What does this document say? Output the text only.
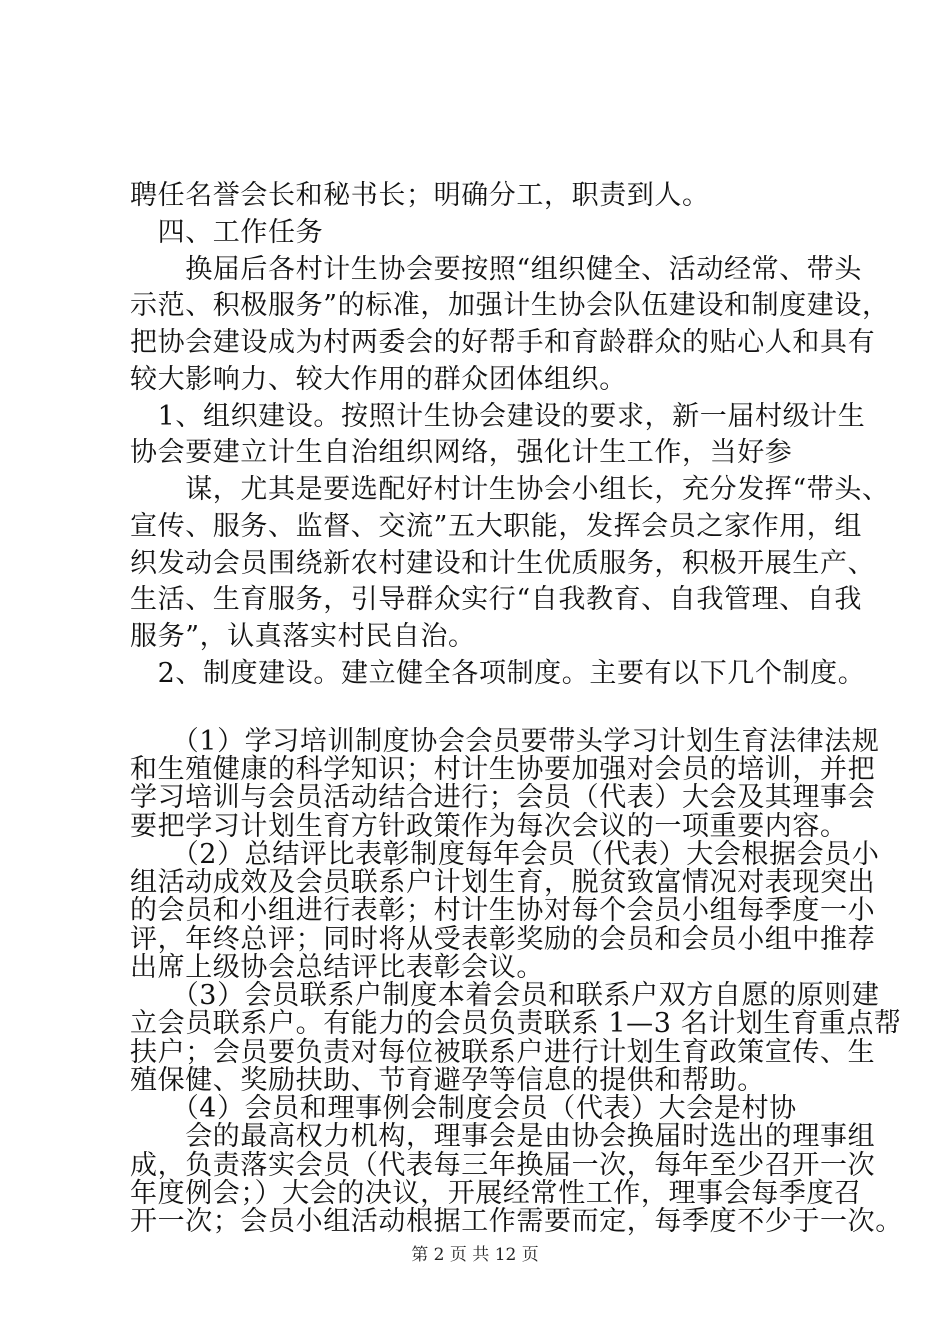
聘任名誉会长和秘书长；明确分工，职责到人。
　四、工作任务
　　换届后各村计生协会要按照“组织健全、活动经常、带头
示范、积极服务”的标准，加强计生协会队伍建设和制度建设，
把协会建设成为村两委会的好帮手和育龄群众的贴心人和具有
较大影响力、较大作用的群众团体组织。
　1、组织建设。按照计生协会建设的要求，新一届村级计生
协会要建立计生自治组织网络，强化计生工作，当好参
　　谋，尤其是要选配好村计生协会小组长，充分发挥“带头、
宣传、服务、监督、交流”五大职能，发挥会员之家作用，组
织发动会员围绕新农村建设和计生优质服务，积极开展生产、
生活、生育服务，引导群众实行“自我教育、自我管理、自我
服务”，认真落实村民自治。
　2、制度建设。建立健全各项制度。主要有以下几个制度。
　　（1）学习培训制度协会会员要带头学习计划生育法律法规
和生殖健康的科学知识；村计生协要加强对会员的培训，并把
学习培训与会员活动结合进行；会员（代表）大会及其理事会
要把学习计划生育方针政策作为每次会议的一项重要内容。
　　（2）总结评比表彰制度每年会员（代表）大会根据会员小
组活动成效及会员联系户计划生育，脱贫致富情况对表现突出
的会员和小组进行表彰；村计生协对每个会员小组每季度一小
评，年终总评；同时将从受表彰奖励的会员和会员小组中推荐
出席上级协会总结评比表彰会议。
　　（3）会员联系户制度本着会员和联系户双方自愿的原则建
立会员联系户。有能力的会员负责联系 1—3 名计划生育重点帮
扶户；会员要负责对每位被联系户进行计划生育政策宣传、生
殖保健、奖励扶助、节育避孕等信息的提供和帮助。
　　（4）会员和理事例会制度会员（代表）大会是村协
　　会的最高权力机构，理事会是由协会换届时选出的理事组
成，负责落实会员（代表每三年换届一次，每年至少召开一次
年度例会；）大会的决议，开展经常性工作，理事会每季度召
开一次；会员小组活动根据工作需要而定，每季度不少于一次。
第 2 页 共 12 页
